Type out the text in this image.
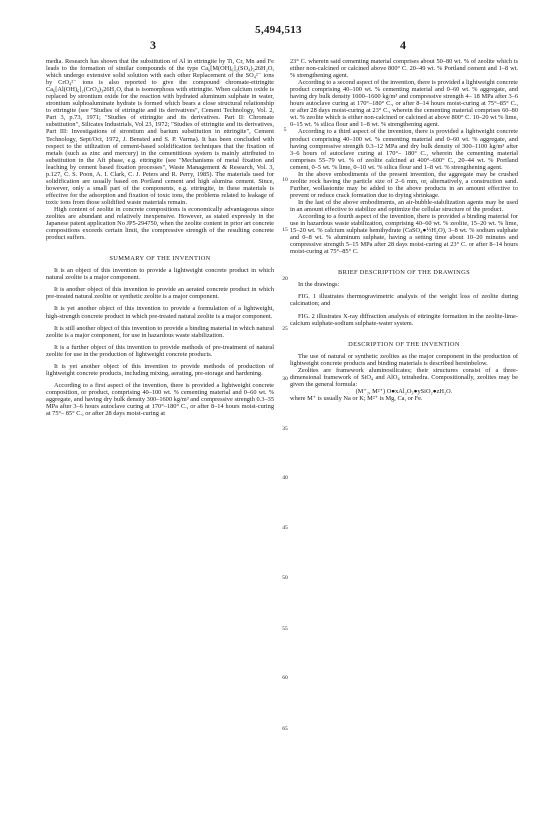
5,494,513
3	4
5
10
15
20
25
30
35
40
45
50
55
60
65

media. Research has shown that the substitution of Al in ettringite by Ti, Cr, Mn and Fe leads to the formation of similar compounds of the type Ca₆[M(OH)₆]₂(SO₄)₃26H₂O, which undergo extensive solid solution with each other Replacement of the SO₄²⁻ ions by CrO₄²⁻ ions is also reported to give the compound chromate-ettringite Ca₆[Al(OH)₆]₂(CrO₄)₃26H₂O, that is isomorphous with ettringite. When calcium oxide is replaced by strontium oxide for the reaction with hydrated aluminum sulphate in water, strontium sulphoaluminate hydrate is formed which bears a close structural relationship to ettringite (see "Studies of ettringite and its derivatives", Cement Technology, Vol. 2, Part 3, p.73, 1971; "Studies of ettringite and its derivatives. Part II: Chromate substitution", Silicates Industrials, Vol 23, 1972; "Studies of ettringite and its derivatives, Part III: Investigations of strontium and barium substitution in ettringite", Cement Technology, Sept/Oct, 1972, J. Bensted and S. P. Varma). It has been concluded with respect to the utilization of cement-based solidification techniques that the fixation of metals (such as zinc and mercury) in the cementitious system is mainly attributed to substitution in the Aft phase, e.g. ettringite (see "Mechanisms of metal fixation and leaching by cement based fixation processes", Waste Management & Research, Vol. 3, p.127, C. S. Poon, A. I. Clark, C. J. Peters and R. Perry, 1985). The materials used for solidification are usually based on Portland cement and high alumina cement. Since, however, only a small part of the components, e.g. ettringite, in these materials is effective for the adsorption and fixation of toxic ions, the problems related to leakage of toxic ions from those solidified waste materials remain.

High content of zeolite in concrete compositions is economically advantageous since zeolites are abundant and relatively inexpensive. However, as stated expressly in the Japanese patent application No JP5-294750, when the zeolite content in prior art concrete compositions exceeds certain limit, the compressive strength of the resulting concrete product suffers.

SUMMARY OF THE INVENTION

It is an object of this invention to provide a lightweight concrete product in which natural zeolite is a major component.

It is another object of this invention to provide an aerated concrete product in which pre-treated natural zeolite or synthetic zeolite is a major component.

It is yet another object of this invention to provide a formulation of a lightweight, high-strength concrete product in which pre-treated natural zeolite is a major component.

It is still another object of this invention to provide a binding material in which natural zeolite is a major component, for use in hazardous waste stabilization.

It is a further object of this invention to provide methods of pre-treatment of natural zeolite for use in the production of lightweight concrete products.

It is yet another object of this invention to provide methods of production of lightweight concrete products, including mixing, aerating, pre-storage and hardening.

According to a first aspect of the invention, there is provided a lightweight concrete composition, or product, comprising 40–100 wt. % cementing material and 0–60 wt. % aggregate, and having dry bulk density 300–1600 kg/m³ and compressive strength 0.3–35 MPa after 3–6 hours autoclave curing at 170°–180° C., or after 8–14 hours moist-curing at 75°– 85° C., or after 28 days moist-curing at

23° C. wherein said cementing material comprises about 50–80 wt. % of zeolite which is either non-calcined or calcined above 800° C. 20–49 wt. % Portland cement and 1–8 wt. % strengthening agent.

According to a second aspect of the invention, there is provided a lightweight concrete product comprising 40–100 wt. % cementing material and 0–60 wt. % aggregate, and having dry bulk density 1000–1600 kg/m³ and compressive strength 4– 18 MPa after 3–6 hours autoclave curing at 170°–180° C., or after 8–14 hours moist-curing at 75°–85° C., or after 28 days moist-curing at 23° C., wherein the cementing material comprises 60–80 wt. % zeolite which is either non-calcined or calcined at above 800° C. 10–20 wt % lime, 0–15 wt. % silica flour and 1–8 wt. % strengthening agent.

According to a third aspect of the invention, there is provided a lightweight concrete product comprising 40–100 wt. % cementing material and 0–60 wt. % aggregate, and having compressive strength 0.3–12 MPa and dry bulk density of 300–1100 kg/m³ after 3–6 hours of autoclave curing at 170°– 180° C., wherein the cementing material comprises 55–79 wt. % of zeolite calcined at 400°–600° C., 20–44 wt. % Portland cement, 0–5 wt. % lime, 0–10 wt. % silica flour and 1–8 wt. % strengthening agent.

In the above embodiments of the present invention, the aggregate may be crushed zeolite rock having the particle size of 2–6 mm, or, alternatively, a construction sand. Further, wollastonite may be added to the above products in an amount effective to prevent or reduce crack formation due to drying shrinkage.

In the last of the above embodiments, an air-bubble-stabilization agents may be used in an amount effective to stabilize and optimize the cellular structure of the product.

According to a fourth aspect of the invention, there is provided a binding material for use in hazardous waste stabilization, comprising 40–60 wt. % zeolite, 15–20 wt. % lime, 15–20 wt. % calcium sulphate hemihydrate (CaSO₄●½H₂O), 3–8 wt. % sodium sulphate and 0–8 wt. % aluminum sulphate, having a setting time about 10–20 minutes and compressive strength 5–15 MPa after 28 days moist-curing at 23° C. or after 8–14 hours moist-curing at 75°–85° C.

BRIEF DESCRIPTION OF THE DRAWINGS

In the drawings:

FIG. 1 illustrates thermogravimetric analysis of the weight loss of zeolite during calcination; and

FIG. 2 illustrates X-ray diffraction analysis of ettringite formation in the zeolite-lime-calcium sulphate-sodium sulphate-water system.

DESCRIPTION OF THE INVENTION

The use of natural or synthetic zeolites as the major component in the production of lightweight concrete products and binding materials is described hereinbelow.

Zeolites are framework aluminosilicates; their structures consist of a three-dimensional framework of SiO₄ and AlO₄ tetrahedra. Compositionally, zeolites may be given the general formula:

(M⁺₂, M²⁺) O●xAl₂O₃●ySiO₂●zH₂O.

where M⁺ is usually Na or K; M²⁺ is Mg, Ca, or Fe.
